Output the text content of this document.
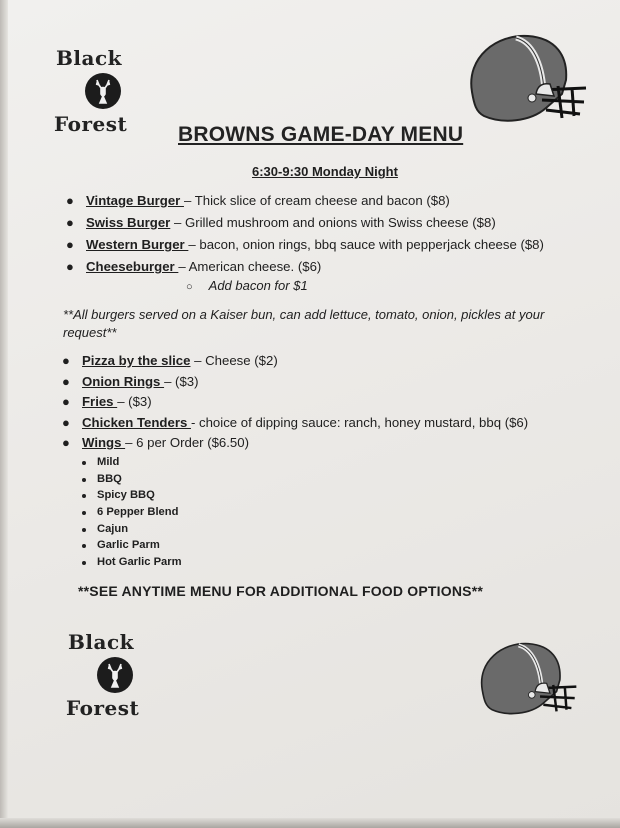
Black
Forest	BROWNS GAME-DAY MENU
6:30-9:30 Monday Night
● Vintage Burger – Thick slice of cream cheese and bacon ($8)
● Swiss Burger – Grilled mushroom and onions with Swiss cheese ($8)
● Western Burger – bacon, onion rings, bbq sauce with pepperjack cheese ($8)
● Cheeseburger – American cheese. ($6)
○ Add bacon for $1
**All burgers served on a Kaiser bun, can add lettuce, tomato, onion, pickles at your request**
● Pizza by the slice – Cheese ($2)
● Onion Rings – ($3)
● Fries – ($3)
● Chicken Tenders - choice of dipping sauce: ranch, honey mustard, bbq ($6)
● Wings – 6 per Order ($6.50)
Mild
BBQ
Spicy BBQ
6 Pepper Blend
Cajun
Garlic Parm
Hot Garlic Parm
**SEE ANYTIME MENU FOR ADDITIONAL FOOD OPTIONS**
Black
Forest
